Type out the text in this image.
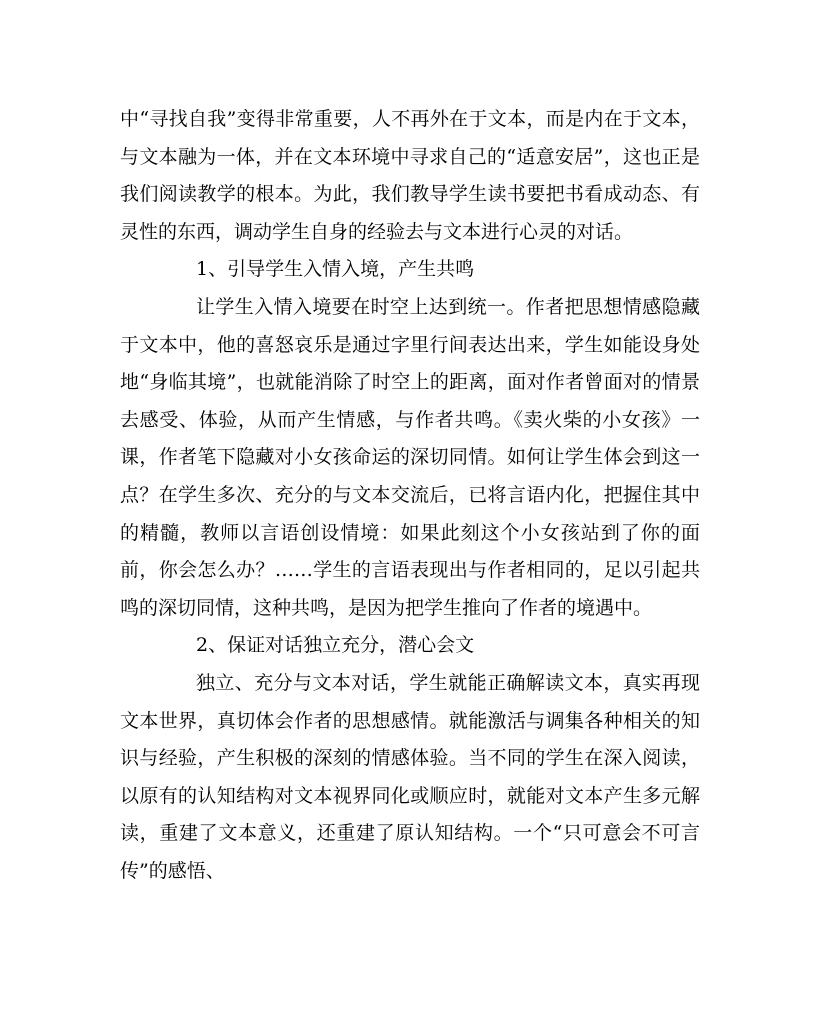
中“寻找自我”变得非常重要，人不再外在于文本，而是内在于文本，与文本融为一体，并在文本环境中寻求自己的“适意安居”，这也正是我们阅读教学的根本。为此，我们教导学生读书要把书看成动态、有灵性的东西，调动学生自身的经验去与文本进行心灵的对话。

1、引导学生入情入境，产生共鸣

让学生入情入境要在时空上达到统一。作者把思想情感隐藏于文本中，他的喜怒哀乐是通过字里行间表达出来，学生如能设身处地“身临其境”，也就能消除了时空上的距离，面对作者曾面对的情景去感受、体验，从而产生情感，与作者共鸣。《卖火柴的小女孩》一课，作者笔下隐藏对小女孩命运的深切同情。如何让学生体会到这一点？在学生多次、充分的与文本交流后，已将言语内化，把握住其中的精髓，教师以言语创设情境：如果此刻这个小女孩站到了你的面前，你会怎么办？……学生的言语表现出与作者相同的，足以引起共鸣的深切同情，这种共鸣，是因为把学生推向了作者的境遇中。

2、保证对话独立充分，潜心会文

独立、充分与文本对话，学生就能正确解读文本，真实再现文本世界，真切体会作者的思想感情。就能激活与调集各种相关的知识与经验，产生积极的深刻的情感体验。当不同的学生在深入阅读，以原有的认知结构对文本视界同化或顺应时，就能对文本产生多元解读，重建了文本意义，还重建了原认知结构。一个“只可意会不可言传”的感悟、
